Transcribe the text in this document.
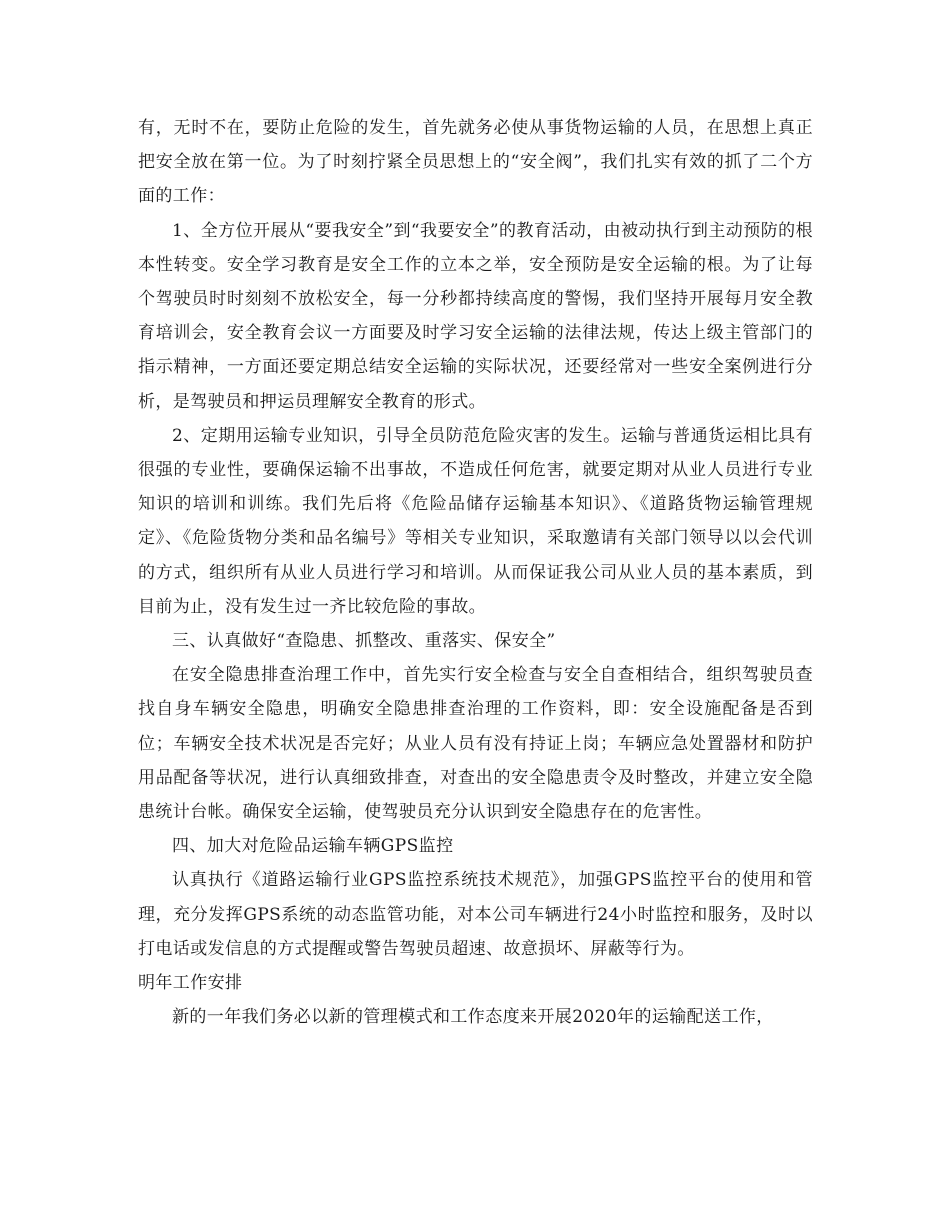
有，无时不在，要防止危险的发生，首先就务必使从事货物运输的人员，在思想上真正把安全放在第一位。为了时刻拧紧全员思想上的“安全阀”，我们扎实有效的抓了二个方面的工作：

1、全方位开展从“要我安全”到“我要安全”的教育活动，由被动执行到主动预防的根本性转变。安全学习教育是安全工作的立本之举，安全预防是安全运输的根。为了让每个驾驶员时时刻刻不放松安全，每一分秒都持续高度的警惕，我们坚持开展每月安全教育培训会，安全教育会议一方面要及时学习安全运输的法律法规，传达上级主管部门的指示精神，一方面还要定期总结安全运输的实际状况，还要经常对一些安全案例进行分析，是驾驶员和押运员理解安全教育的形式。

2、定期用运输专业知识，引导全员防范危险灾害的发生。运输与普通货运相比具有很强的专业性，要确保运输不出事故，不造成任何危害，就要定期对从业人员进行专业知识的培训和训练。我们先后将《危险品储存运输基本知识》、《道路货物运输管理规定》、《危险货物分类和品名编号》等相关专业知识，采取邀请有关部门领导以以会代训的方式，组织所有从业人员进行学习和培训。从而保证我公司从业人员的基本素质，到目前为止，没有发生过一齐比较危险的事故。

三、认真做好“查隐患、抓整改、重落实、保安全”

在安全隐患排查治理工作中，首先实行安全检查与安全自查相结合，组织驾驶员查找自身车辆安全隐患，明确安全隐患排查治理的工作资料，即：安全设施配备是否到位；车辆安全技术状况是否完好；从业人员有没有持证上岗；车辆应急处置器材和防护用品配备等状况，进行认真细致排查，对查出的安全隐患责令及时整改，并建立安全隐患统计台帐。确保安全运输，使驾驶员充分认识到安全隐患存在的危害性。

四、加大对危险品运输车辆GPS监控

认真执行《道路运输行业GPS监控系统技术规范》，加强GPS监控平台的使用和管理，充分发挥GPS系统的动态监管功能，对本公司车辆进行24小时监控和服务，及时以打电话或发信息的方式提醒或警告驾驶员超速、故意损坏、屏蔽等行为。

明年工作安排

新的一年我们务必以新的管理模式和工作态度来开展2020年的运输配送工作，
